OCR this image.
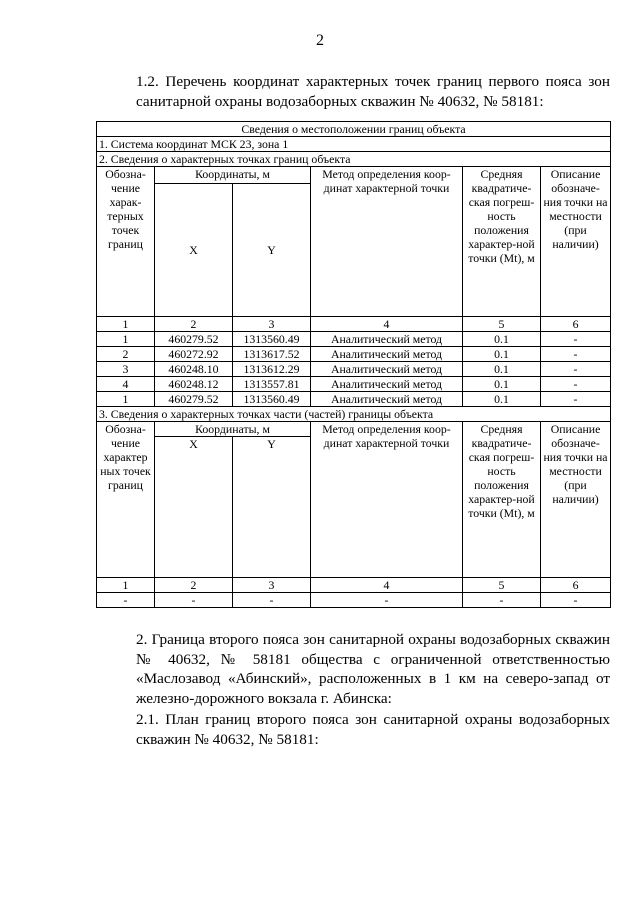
2
1.2. Перечень координат характерных точек границ первого пояса зон санитарной охраны водозаборных скважин № 40632, № 58181:
Сведения о местоположении границ объекта					
1. Система координат МСК 23, зона 1					
2. Сведения о характерных точках границ объекта					
Обозна-чение харак-терных точек границ	Координаты, м		Метод определения коор-динат характерной точки	Средняя квадратиче-ская погреш-ность положения характер-ной точки (Mt), м	Описание обозначе-ния точки на местности (при наличии)
	X	Y			
1	2	3	4	5	6
1	460279.52	1313560.49	Аналитический метод	0.1	-
2	460272.92	1313617.52	Аналитический метод	0.1	-
3	460248.10	1313612.29	Аналитический метод	0.1	-
4	460248.12	1313557.81	Аналитический метод	0.1	-
1	460279.52	1313560.49	Аналитический метод	0.1	-
3. Сведения о характерных точках части (частей) границы объекта					
Обозна-чение характер ных точек границ	Координаты, м		Метод определения коор-динат характерной точки	Средняя квадратиче-ская погреш-ность положения характер-ной точки (Mt), м	Описание обозначе-ния точки на местности (при наличии)
	X	Y			
1	2	3	4	5	6
-	-	-	-	-	-
2. Граница второго пояса зон санитарной охраны водозаборных скважин № 40632, № 58181 общества с ограниченной ответственностью «Маслозавод «Абинский», расположенных в 1 км на северо-запад от железно-дорожного вокзала г. Абинска:
2.1. План границ второго пояса зон санитарной охраны водозаборных скважин № 40632, № 58181:
